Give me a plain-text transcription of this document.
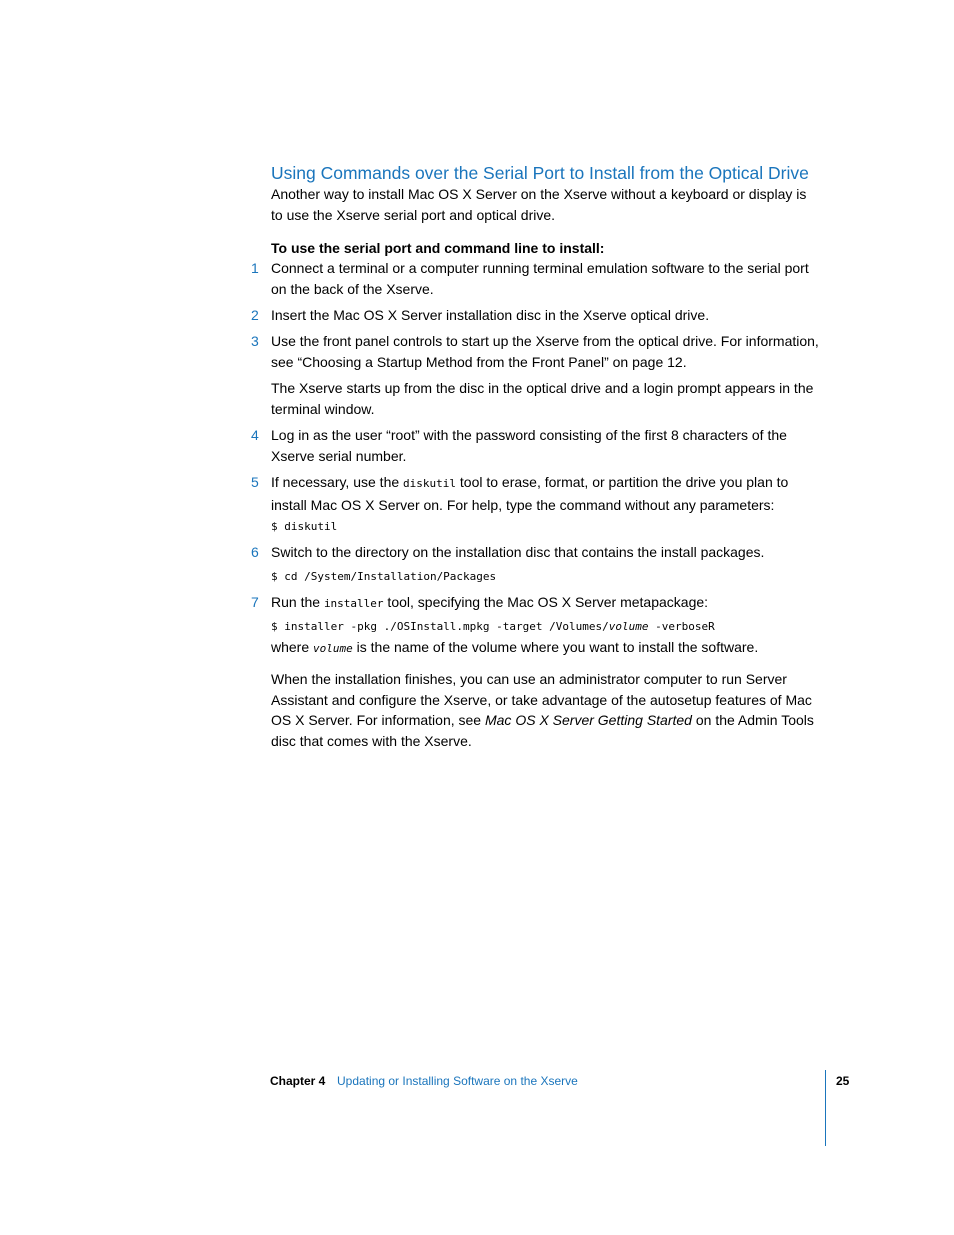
Using Commands over the Serial Port to Install from the Optical Drive

Another way to install Mac OS X Server on the Xserve without a keyboard or display is to use the Xserve serial port and optical drive.

To use the serial port and command line to install:

1 Connect a terminal or a computer running terminal emulation software to the serial port on the back of the Xserve.
2 Insert the Mac OS X Server installation disc in the Xserve optical drive.
3 Use the front panel controls to start up the Xserve from the optical drive. For information, see “Choosing a Startup Method from the Front Panel” on page 12.
The Xserve starts up from the disc in the optical drive and a login prompt appears in the terminal window.
4 Log in as the user “root” with the password consisting of the first 8 characters of the Xserve serial number.
5 If necessary, use the diskutil tool to erase, format, or partition the drive you plan to install Mac OS X Server on. For help, type the command without any parameters:
$ diskutil
6 Switch to the directory on the installation disc that contains the install packages.
$ cd /System/Installation/Packages
7 Run the installer tool, specifying the Mac OS X Server metapackage:
$ installer -pkg ./OSInstall.mpkg -target /Volumes/volume -verboseR
where volume is the name of the volume where you want to install the software.

When the installation finishes, you can use an administrator computer to run Server Assistant and configure the Xserve, or take advantage of the autosetup features of Mac OS X Server. For information, see Mac OS X Server Getting Started on the Admin Tools disc that comes with the Xserve.

Chapter 4 Updating or Installing Software on the Xserve	25
